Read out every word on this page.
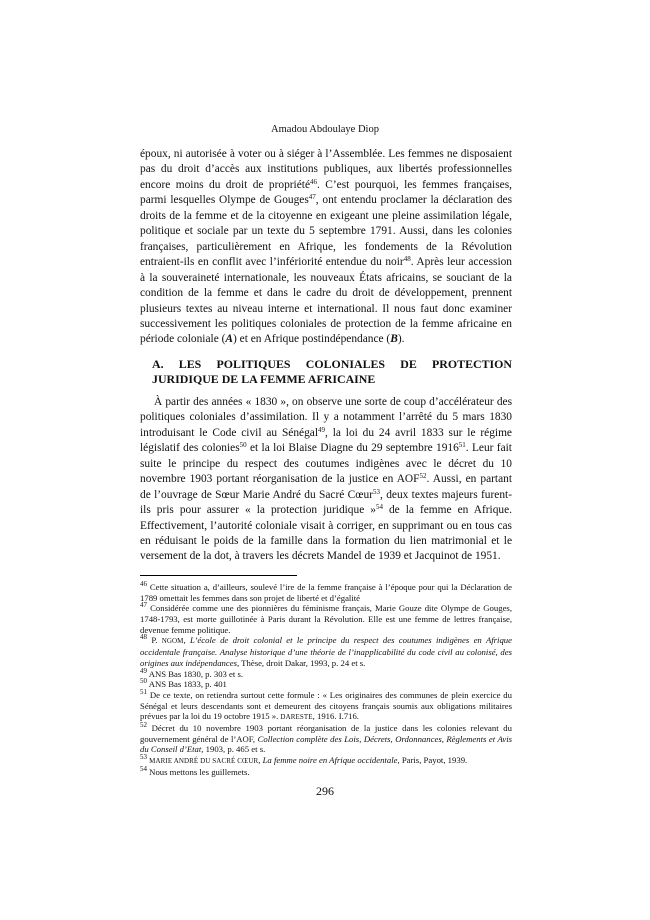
Amadou Abdoulaye Diop

époux, ni autorisée à voter ou à siéger à l’Assemblée. Les femmes ne disposaient pas du droit d’accès aux institutions publiques, aux libertés professionnelles encore moins du droit de propriété$^{46}$. C’est pourquoi, les femmes françaises, parmi lesquelles Olympe de Gouges$^{47}$, ont entendu proclamer la déclaration des droits de la femme et de la citoyenne en exigeant une pleine assimilation légale, politique et sociale par un texte du 5 septembre 1791. Aussi, dans les colonies françaises, particulièrement en Afrique, les fondements de la Révolution entraient-ils en conflit avec l’infériorité entendue du noir$^{48}$. Après leur accession à la souveraineté internationale, les nouveaux États africains, se souciant de la condition de la femme et dans le cadre du droit de développement, prennent plusieurs textes au niveau interne et international. Il nous faut donc examiner successivement les politiques coloniales de protection de la femme africaine en période coloniale (A) et en Afrique postindépendance (B).

A. LES POLITIQUES COLONIALES DE PROTECTION JURIDIQUE DE LA FEMME AFRICAINE

À partir des années « 1830 », on observe une sorte de coup d’accélérateur des politiques coloniales d’assimilation. Il y a notamment l’arrêté du 5 mars 1830 introduisant le Code civil au Sénégal$^{49}$, la loi du 24 avril 1833 sur le régime législatif des colonies$^{50}$ et la loi Blaise Diagne du 29 septembre 1916$^{51}$. Leur fait suite le principe du respect des coutumes indigènes avec le décret du 10 novembre 1903 portant réorganisation de la justice en AOF$^{52}$. Aussi, en partant de l’ouvrage de Sœur Marie André du Sacré Cœur$^{53}$, deux textes majeurs furent-ils pris pour assurer « la protection juridique »$^{54}$ de la femme en Afrique. Effectivement, l’autorité coloniale visait à corriger, en supprimant ou en tous cas en réduisant le poids de la famille dans la formation du lien matrimonial et le versement de la dot, à travers les décrets Mandel de 1939 et Jacquinot de 1951.

$^{46}$ Cette situation a, d’ailleurs, soulevé l’ire de la femme française à l’époque pour qui la Déclaration de 1789 omettait les femmes dans son projet de liberté et d’égalité

$^{47}$ Considérée comme une des pionnières du féminisme français, Marie Gouze dite Olympe de Gouges, 1748-1793, est morte guillotinée à Paris durant la Révolution. Elle est une femme de lettres française, devenue femme politique.

$^{48}$ P. NGOM, L’école de droit colonial et le principe du respect des coutumes indigènes en Afrique occidentale française. Analyse historique d’une théorie de l’inapplicabilité du code civil au colonisé, des origines aux indépendances, Thèse, droit Dakar, 1993, p. 24 et s.

$^{49}$ ANS Bas 1830, p. 303 et s.

$^{50}$ ANS Bas 1833, p. 401

$^{51}$ De ce texte, on retiendra surtout cette formule : « Les originaires des communes de plein exercice du Sénégal et leurs descendants sont et demeurent des citoyens français soumis aux obligations militaires prévues par la loi du 19 octobre 1915 ». DARESTE, 1916. I.716.

$^{52}$ Décret du 10 novembre 1903 portant réorganisation de la justice dans les colonies relevant du gouvernement général de l’AOF, Collection complète des Lois, Décrets, Ordonnances, Règlements et Avis du Conseil d’Etat, 1903, p. 465 et s.

$^{53}$ MARIE ANDRÉ DU SACRÉ CŒUR, La femme noire en Afrique occidentale, Paris, Payot, 1939.

$^{54}$ Nous mettons les guillemets.

296
